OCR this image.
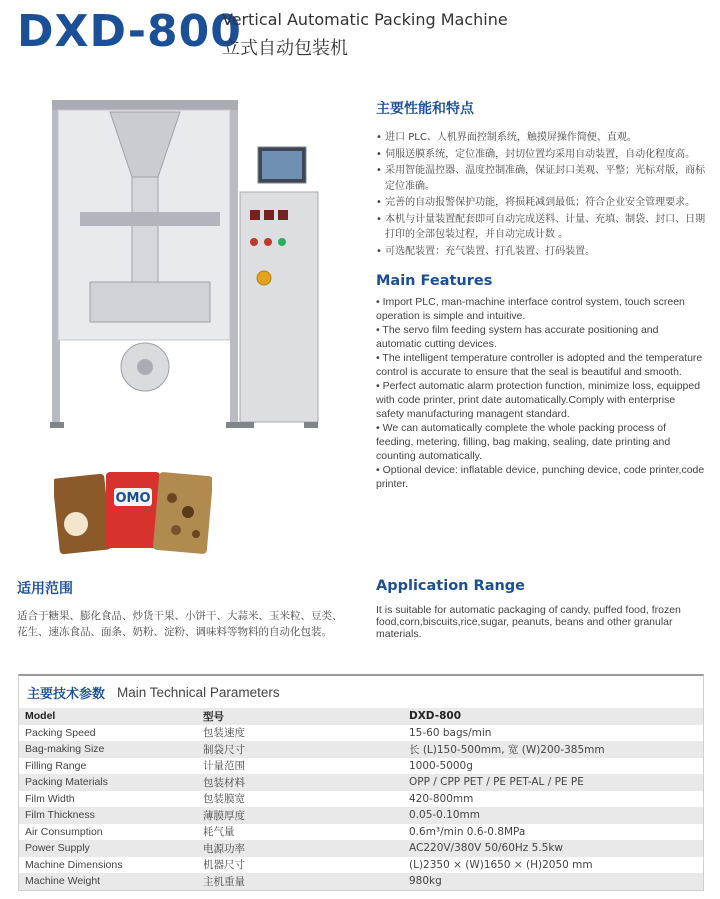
DXD-800
Vertical Automatic Packing Machine
立式自动包装机
OMO
主要性能和特点
• 进口 PLC、人机界面控制系统，触摸屏操作简便、直观。
• 伺服送膜系统，定位准确，封切位置均采用自动装置，自动化程度高。
• 采用智能温控器、温度控制准确，保证封口美观、平整；光标对版，商标定位准确。
• 完善的自动报警保护功能，将损耗减到最低；符合企业安全管理要求。
• 本机与计量装置配套即可自动完成送料、计量、充填、制袋、封口、日期打印的全部包装过程，并自动完成计数 。
• 可选配装置：充气装置、打孔装置、打码装置。
Main Features
• Import PLC, man-machine interface control system, touch screen operation is simple and intuitive.
• The servo film feeding system has accurate positioning and automatic cutting devices.
• The intelligent temperature controller is adopted and the temperature control is accurate to ensure that the seal is beautiful and smooth.
• Perfect automatic alarm protection function, minimize loss, equipped with code printer, print date automatically.Comply with enterprise safety manufacturing managent standard.
• We can automatically complete the whole packing process of feeding, metering, filling, bag making, sealing, date printing and counting automatically.
• Optional device: inflatable device, punching device, code printer,code printer.
适用范围

适合于糖果、膨化食品、炒货干果、小饼干、大蒜米、玉米粒、豆类、花生、速冻食品、面条、奶粉、淀粉、调味料等物料的自动化包装。

Application Range

It is suitable for automatic packaging of candy, puffed food, frozen food,corn,biscuits,rice,sugar, peanuts, beans and other granular materials.

主要技术参数 Main Technical Parameters
Model	型号	DXD-800
Packing Speed	包装速度	15-60 bags/min
Bag-making Size	制袋尺寸	长 (L)150-500mm, 宽 (W)200-385mm
Filling Range	计量范围	1000-5000g
Packing Materials	包装材料	OPP / CPP PET / PE PET-AL / PE PE
Film Width	包装膜宽	420-800mm
Film Thickness	薄膜厚度	0.05-0.10mm
Air Consumption	耗气量	0.6m³/min 0.6-0.8MPa
Power Supply	电源功率	AC220V/380V 50/60Hz 5.5kw
Machine Dimensions	机器尺寸	(L)2350 × (W)1650 × (H)2050 mm
Machine Weight	主机重量	980kg
